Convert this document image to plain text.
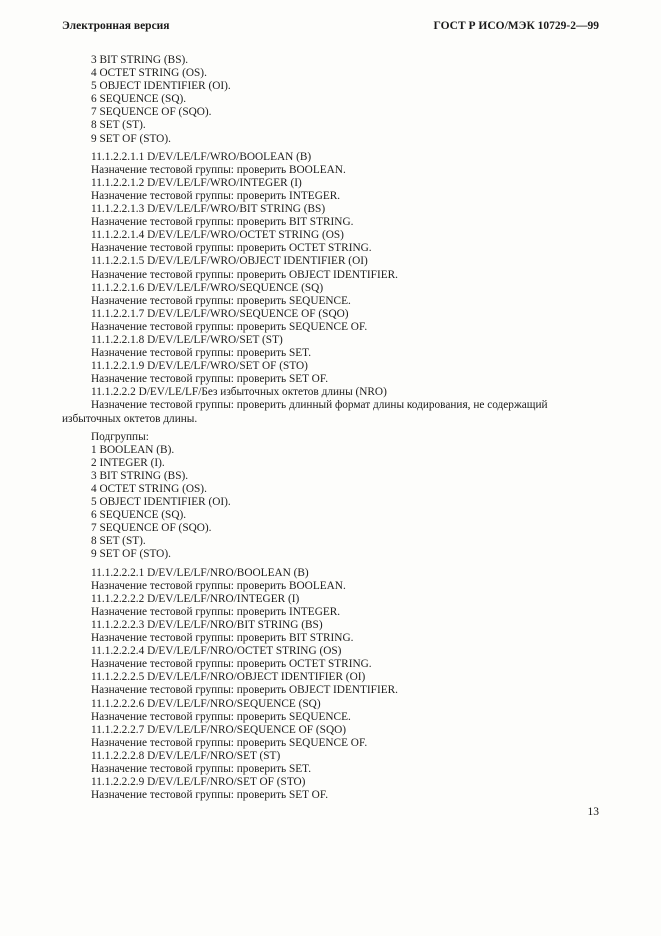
Электронная версия	ГОСТ Р ИСО/МЭК 10729-2—99
3 BIT STRING (BS).
4 OCTET STRING (OS).
5 OBJECT IDENTIFIER (OI).
6 SEQUENCE (SQ).
7 SEQUENCE OF (SQO).
8 SET (ST).
9 SET OF (STO).
11.1.2.2.1.1 D/EV/LE/LF/WRO/BOOLEAN (B)
Назначение тестовой группы: проверить BOOLEAN.
11.1.2.2.1.2 D/EV/LE/LF/WRO/INTEGER (I)
Назначение тестовой группы: проверить INTEGER.
11.1.2.2.1.3 D/EV/LE/LF/WRO/BIT STRING (BS)
Назначение тестовой группы: проверить BIT STRING.
11.1.2.2.1.4 D/EV/LE/LF/WRO/OCTET STRING (OS)
Назначение тестовой группы: проверить OCTET STRING.
11.1.2.2.1.5 D/EV/LE/LF/WRO/OBJECT IDENTIFIER (OI)
Назначение тестовой группы: проверить OBJECT IDENTIFIER.
11.1.2.2.1.6 D/EV/LE/LF/WRO/SEQUENCE (SQ)
Назначение тестовой группы: проверить SEQUENCE.
11.1.2.2.1.7 D/EV/LE/LF/WRO/SEQUENCE OF (SQO)
Назначение тестовой группы: проверить SEQUENCE OF.
11.1.2.2.1.8 D/EV/LE/LF/WRO/SET (ST)
Назначение тестовой группы: проверить SET.
11.1.2.2.1.9 D/EV/LE/LF/WRO/SET OF (STO)
Назначение тестовой группы: проверить SET OF.
11.1.2.2.2 D/EV/LE/LF/Без избыточных октетов длины (NRO)
Назначение тестовой группы: проверить длинный формат длины кодирования, не содержащий избыточных октетов длины.
Подгруппы:
1 BOOLEAN (B).
2 INTEGER (I).
3 BIT STRING (BS).
4 OCTET STRING (OS).
5 OBJECT IDENTIFIER (OI).
6 SEQUENCE (SQ).
7 SEQUENCE OF (SQO).
8 SET (ST).
9 SET OF (STO).
11.1.2.2.2.1 D/EV/LE/LF/NRO/BOOLEAN (B)
Назначение тестовой группы: проверить BOOLEAN.
11.1.2.2.2.2 D/EV/LE/LF/NRO/INTEGER (I)
Назначение тестовой группы: проверить INTEGER.
11.1.2.2.2.3 D/EV/LE/LF/NRO/BIT STRING (BS)
Назначение тестовой группы: проверить BIT STRING.
11.1.2.2.2.4 D/EV/LE/LF/NRO/OCTET STRING (OS)
Назначение тестовой группы: проверить OCTET STRING.
11.1.2.2.2.5 D/EV/LE/LF/NRO/OBJECT IDENTIFIER (OI)
Назначение тестовой группы: проверить OBJECT IDENTIFIER.
11.1.2.2.2.6 D/EV/LE/LF/NRO/SEQUENCE (SQ)
Назначение тестовой группы: проверить SEQUENCE.
11.1.2.2.2.7 D/EV/LE/LF/NRO/SEQUENCE OF (SQO)
Назначение тестовой группы: проверить SEQUENCE OF.
11.1.2.2.2.8 D/EV/LE/LF/NRO/SET (ST)
Назначение тестовой группы: проверить SET.
11.1.2.2.2.9 D/EV/LE/LF/NRO/SET OF (STO)
Назначение тестовой группы: проверить SET OF.
13
